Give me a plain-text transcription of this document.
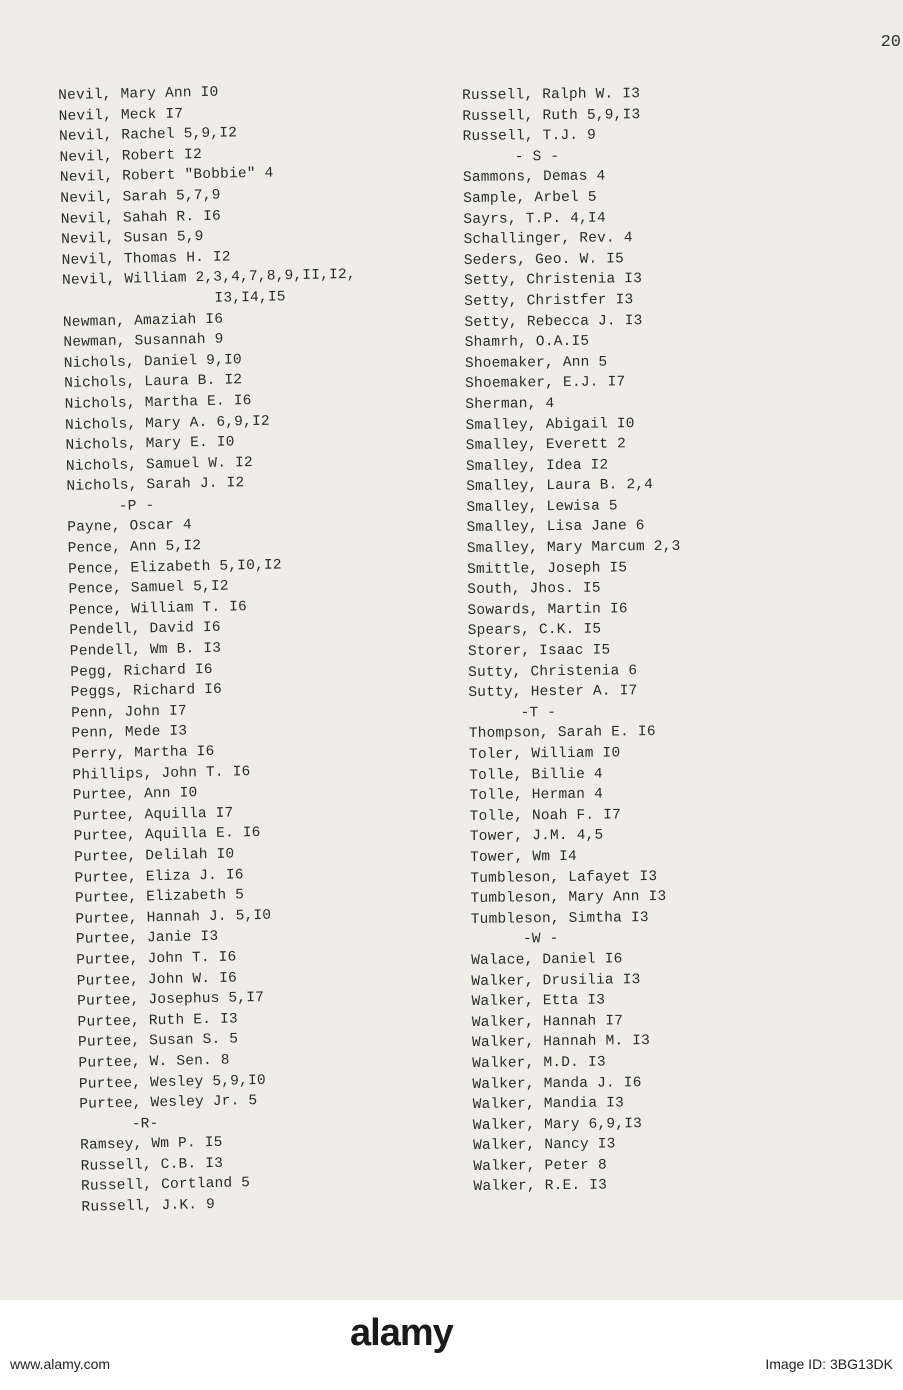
20
Nevil, Mary Ann I0
Nevil, Meck I7
Nevil, Rachel 5,9,I2
Nevil, Robert I2
Nevil, Robert "Bobbie" 4
Nevil, Sarah 5,7,9
Nevil, Sahah R. I6
Nevil, Susan 5,9
Nevil, Thomas H. I2
Nevil, William 2,3,4,7,8,9,II,I2,
I3,I4,I5
Newman, Amaziah I6
Newman, Susannah 9
Nichols, Daniel 9,I0
Nichols, Laura B. I2
Nichols, Martha E. I6
Nichols, Mary A. 6,9,I2
Nichols, Mary E. I0
Nichols, Samuel W. I2
Nichols, Sarah J. I2
-P -
Payne, Oscar 4
Pence, Ann 5,I2
Pence, Elizabeth 5,I0,I2
Pence, Samuel 5,I2
Pence, William T. I6
Pendell, David I6
Pendell, Wm B. I3
Pegg, Richard I6
Peggs, Richard I6
Penn, John I7
Penn, Mede I3
Perry, Martha I6
Phillips, John T. I6
Purtee, Ann I0
Purtee, Aquilla I7
Purtee, Aquilla E. I6
Purtee, Delilah I0
Purtee, Eliza J. I6
Purtee, Elizabeth 5
Purtee, Hannah J. 5,I0
Purtee, Janie I3
Purtee, John T. I6
Purtee, John W. I6
Purtee, Josephus 5,I7
Purtee, Ruth E. I3
Purtee, Susan S. 5
Purtee, W. Sen. 8
Purtee, Wesley 5,9,I0
Purtee, Wesley Jr. 5
-R-
Ramsey, Wm P. I5
Russell, C.B. I3
Russell, Cortland 5
Russell, J.K. 9
Russell, Ralph W. I3
Russell, Ruth 5,9,I3
Russell, T.J. 9
- S -
Sammons, Demas 4
Sample, Arbel 5
Sayrs, T.P. 4,I4
Schallinger, Rev. 4
Seders, Geo. W. I5
Setty, Christenia I3
Setty, Christfer I3
Setty, Rebecca J. I3
Shamrh, O.A.I5
Shoemaker, Ann 5
Shoemaker, E.J. I7
Sherman, 4
Smalley, Abigail I0
Smalley, Everett 2
Smalley, Idea I2
Smalley, Laura B. 2,4
Smalley, Lewisa 5
Smalley, Lisa Jane 6
Smalley, Mary Marcum 2,3
Smittle, Joseph I5
South, Jhos. I5
Sowards, Martin I6
Spears, C.K. I5
Storer, Isaac I5
Sutty, Christenia 6
Sutty, Hester A. I7
-T -
Thompson, Sarah E. I6
Toler, William I0
Tolle, Billie 4
Tolle, Herman 4
Tolle, Noah F. I7
Tower, J.M. 4,5
Tower, Wm I4
Tumbleson, Lafayet I3
Tumbleson, Mary Ann I3
Tumbleson, Simtha I3
-W -
Walace, Daniel I6
Walker, Drusilia I3
Walker, Etta I3
Walker, Hannah I7
Walker, Hannah M. I3
Walker, M.D. I3
Walker, Manda J. I6
Walker, Mandia I3
Walker, Mary 6,9,I3
Walker, Nancy I3
Walker, Peter 8
Walker, R.E. I3
www.alamy.com
alamy
Image ID: 3BG13DK
